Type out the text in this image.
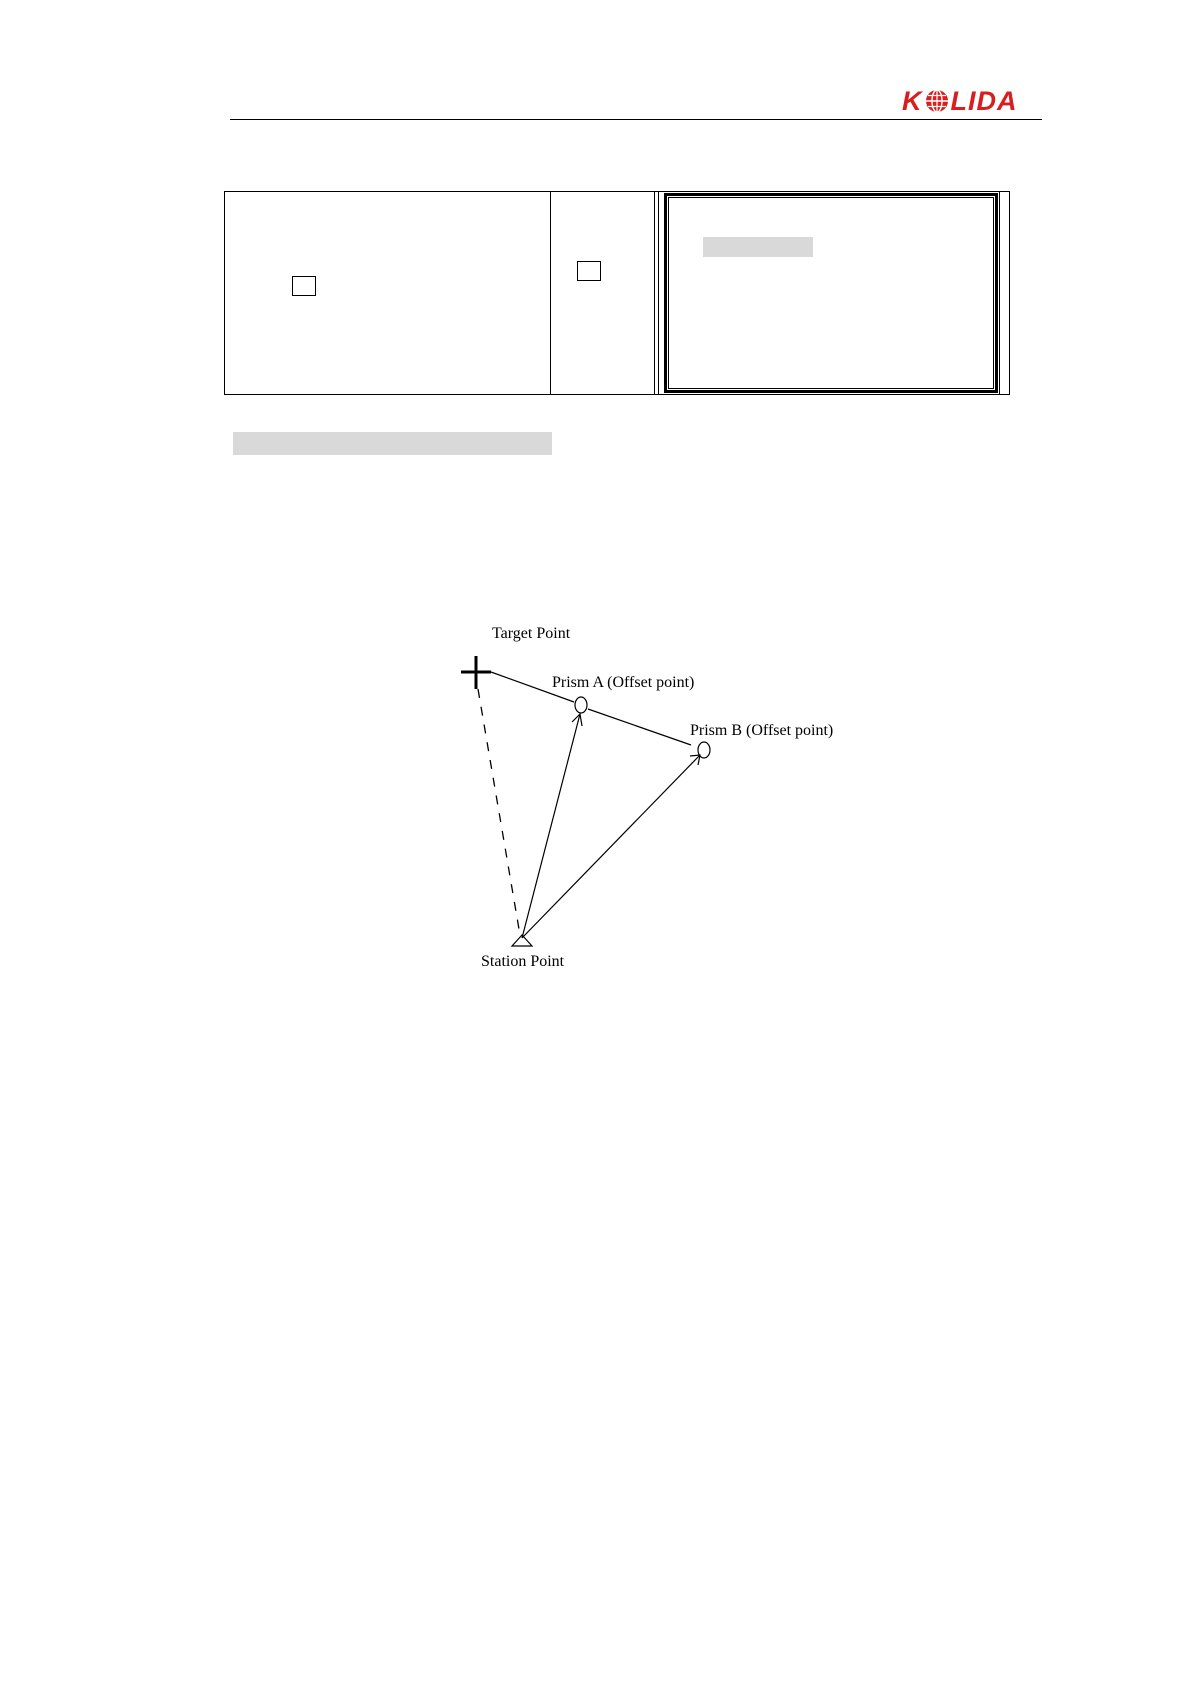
K LIDA
Target Point
Prism A (Offset point)
Prism B (Offset point)
Station Point
